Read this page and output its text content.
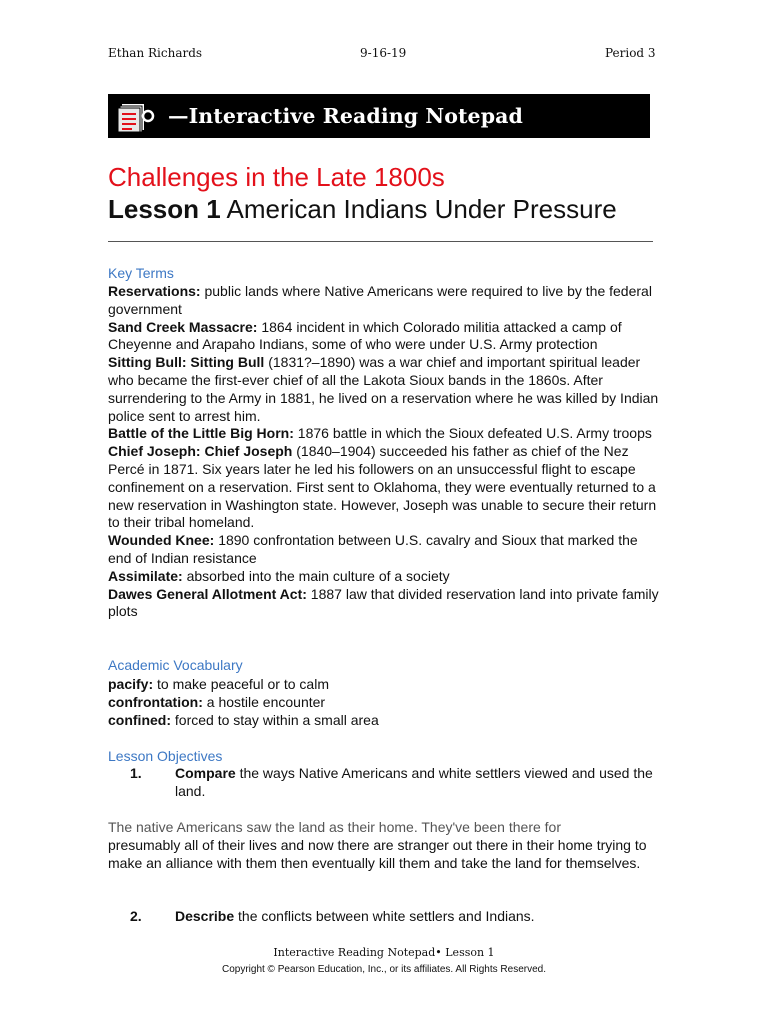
Ethan Richards	9-16-19	Period 3
—Interactive Reading Notepad
Challenges in the Late 1800s
Lesson 1 American Indians Under Pressure
Key Terms

Reservations: public lands where Native Americans were required to live by the federal government

Sand Creek Massacre: 1864 incident in which Colorado militia attacked a camp of Cheyenne and Arapaho Indians, some of who were under U.S. Army protection

Sitting Bull: Sitting Bull (1831?–1890) was a war chief and important spiritual leader who became the first-ever chief of all the Lakota Sioux bands in the 1860s. After surrendering to the Army in 1881, he lived on a reservation where he was killed by Indian police sent to arrest him.

Battle of the Little Big Horn: 1876 battle in which the Sioux defeated U.S. Army troops

Chief Joseph: Chief Joseph (1840–1904) succeeded his father as chief of the Nez Percé in 1871. Six years later he led his followers on an unsuccessful flight to escape confinement on a reservation. First sent to Oklahoma, they were eventually returned to a new reservation in Washington state. However, Joseph was unable to secure their return to their tribal homeland.

Wounded Knee: 1890 confrontation between U.S. cavalry and Sioux that marked the end of Indian resistance

Assimilate: absorbed into the main culture of a society

Dawes General Allotment Act: 1887 law that divided reservation land into private family plots

Academic Vocabulary

pacify: to make peaceful or to calm

confrontation: a hostile encounter

confined: forced to stay within a small area

Lesson Objectives
1. Compare the ways Native Americans and white settlers viewed and used the land.
The native Americans saw the land as their home. They've been there for
presumably all of their lives and now there are stranger out there in their home trying to make an alliance with them then eventually kill them and take the land for themselves.
2. Describe the conflicts between white settlers and Indians.
Interactive Reading Notepad• Lesson 1
Copyright © Pearson Education, Inc., or its affiliates. All Rights Reserved.
